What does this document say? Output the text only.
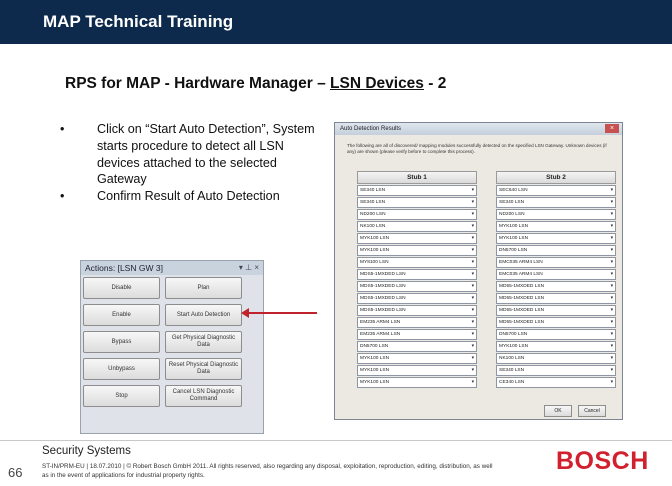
MAP Technical Training
RPS for MAP - Hardware Manager – LSN Devices - 2
•	Click on “Start Auto Detection”, System starts procedure to detect all LSN devices attached to the selected Gateway
•	Confirm Result of Auto Detection
Actions: [LSN GW 3]	▾ ⊥ ×
Disable	Plan
Enable	Start Auto Detection
Bypass
Get Physical Diagnostic Data
Unbypass
Reset Physical Diagnostic Data
Stop
Cancel LSN Diagnostic Command
Auto Detection Results	×
The following are all of discovered/ mapping modules successfully detected on the specified LSN Gateway. Unknown devices (if any) are shown (please verify before to complete this process).
Stub 1
SE340 LSN	▾
SE340 LSN	▾
ND200 LSN	▾
NK100 LSN	▾
MYK100 LSN	▾
MYK100 LSN	▾
MY8100 LSN	▾
MDS5-1MXDED LSN	▾
MDS5-1MXDED LSN	▾
MDS5-1MXDED LSN	▾
MDS5-1MXDED LSN	▾
EM235 ARM4 LSN	▾
EM235 ARM4 LSN	▾
DN5700 LSN	▾
MYK100 LSN	▾
MYK100 LSN	▾
MYK100 LSN	▾
Stub 2
SEC640 LSN	▾
SE340 LSN	▾
ND200 LSN	▾
MYK100 LSN	▾
MYK100 LSN	▾
DN5700 LSN	▾
EMC035 ARM4 LSN	▾
EMC035 ARM4 LSN	▾
MD55-1MXDED LSN	▾
MD55-1MXDED LSN	▾
MD55-1MXDED LSN	▾
MD55-1MXDED LSN	▾
DN5700 LSN	▾
MYK100 LSN	▾
NK100 LSN	▾
SE340 LSN	▾
CE340 LSN	▾
OK	Cancel
Security Systems
66	ST-IN/PRM-EU | 18.07.2010 | © Robert Bosch GmbH 2011. All rights reserved, also regarding any disposal, exploitation, reproduction, editing, distribution, as well as in the event of applications for industrial property rights.
BOSCH
